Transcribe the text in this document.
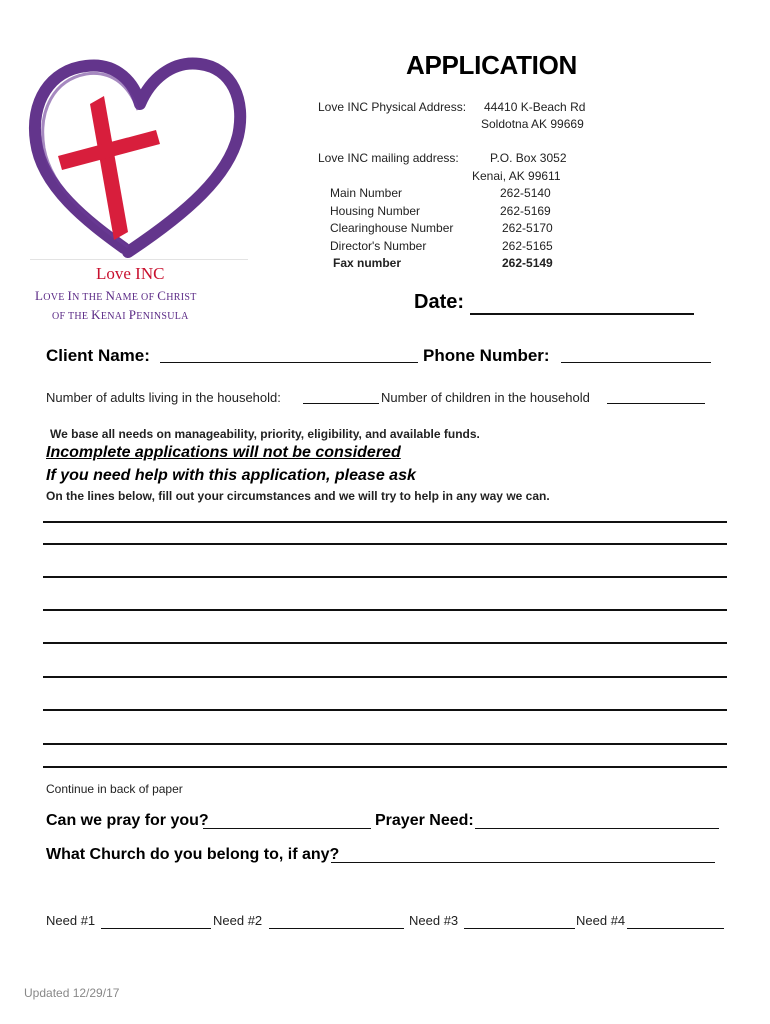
Love INC
LOVE IN THE NAME OF CHRIST
OF THE KENAI PENINSULA
APPLICATION
Love INC Physical Address: 44410 K-Beach Rd
Soldotna AK 99669
Love INC mailing address:	P.O. Box 3052
Kenai, AK 99611
Main Number	262-5140
Housing Number	262-5169
Clearinghouse Number	262-5170
Director's Number	262-5165
Fax number	262-5149
Date:
Client Name:	Phone Number:
Number of adults living in the household:	Number of children in the household
We base all needs on manageability, priority, eligibility, and available funds.
Incomplete applications will not be considered
If you need help with this application, please ask
On the lines below, fill out your circumstances and we will try to help in any way we can.
Continue in back of paper
Can we pray for you?	Prayer Need:
What Church do you belong to, if any?
Need #1	Need #2	Need #3	Need #4
Updated 12/29/17
